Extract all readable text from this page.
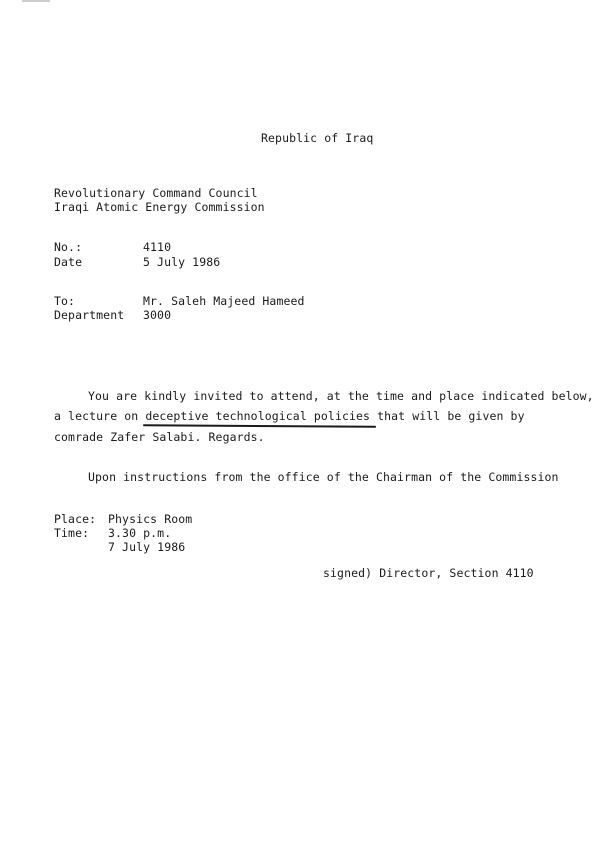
Republic of Iraq
Revolutionary Command Council
Iraqi Atomic Energy Commission
No.:	4110
Date	5 July 1986
To:	Mr. Saleh Majeed Hameed
Department 3000
You are kindly invited to attend, at the time and place indicated below,
a lecture on deceptive technological policies that will be given by
comrade Zafer Salabi. Regards.
Upon instructions from the office of the Chairman of the Commission
Place: Physics Room
Time: 3.30 p.m.
7 July 1986
signed) Director, Section 4110
